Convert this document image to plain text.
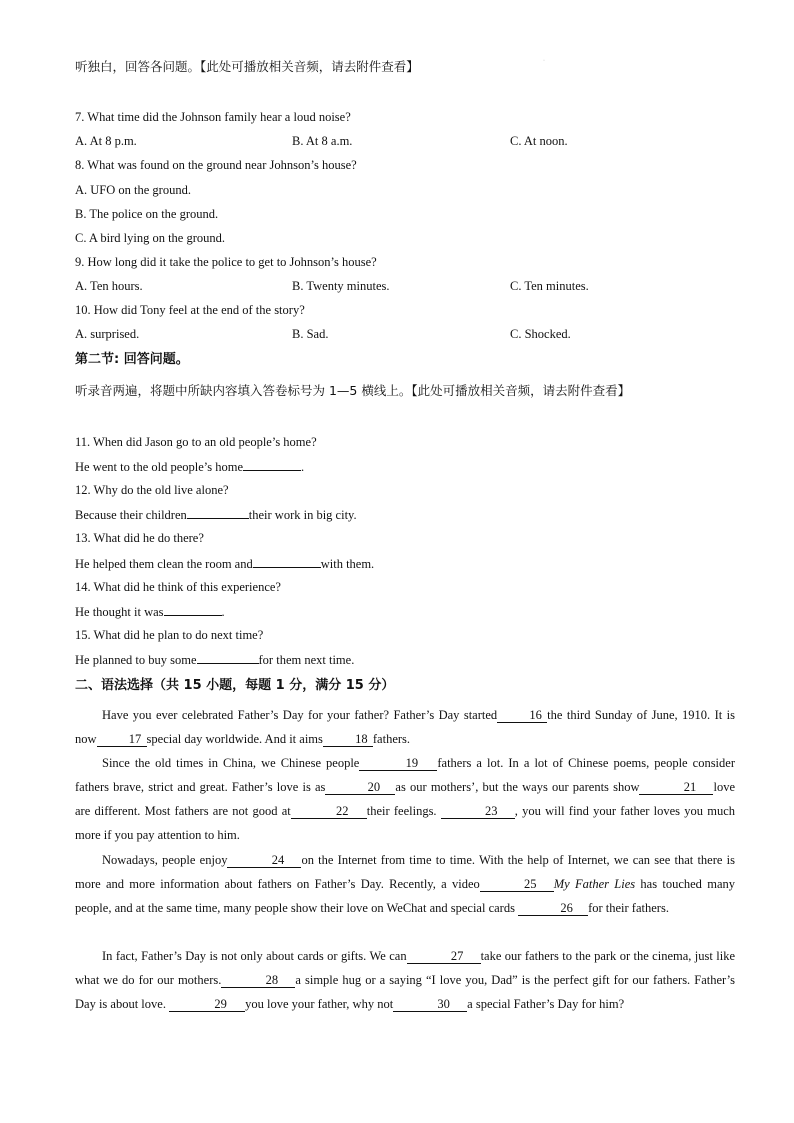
·
听独白，回答各问题。【此处可播放相关音频，请去附件查看】
7. What time did the Johnson family hear a loud noise?
A. At 8 p.m.	B. At 8 a.m.	C. At noon.
8. What was found on the ground near Johnson’s house?
A. UFO on the ground.
B. The police on the ground.
C. A bird lying on the ground.
9. How long did it take the police to get to Johnson’s house?
A. Ten hours.	B. Twenty minutes.	C. Ten minutes.
10. How did Tony feel at the end of the story?
A. surprised.	B. Sad.	C. Shocked.
第二节: 回答问题。
听录音两遍，将题中所缺内容填入答卷标号为 1—5 横线上。【此处可播放相关音频，请去附件查看】
11. When did Jason go to an old people’s home?
He went to the old people’s home	.
12. Why do the old live alone?
Because their children	their work in big city.
13. What did he do there?
He helped them clean the room and	with them.
14. What did he think of this experience?
He thought it was	.
15. What did he plan to do next time?
He planned to buy some	for them next time.
二、语法选择（共 15 小题，每题 1 分，满分 15 分）
Have you ever celebrated Father’s Day for your father? Father’s Day started	16 the third Sunday of June, 1910. It is now	17 special day worldwide. And it aims	18 fathers.
Since the old times in China, we Chinese people	19 fathers a lot. In a lot of Chinese poems, people consider fathers brave, strict and great. Father’s love is as	20 as our mothers’, but the ways our parents show	21 love are different. Most fathers are not good at	22 their feelings.	23 , you will find your father loves you much more if you pay attention to him.
Nowadays, people enjoy	24 on the Internet from time to time. With the help of Internet, we can see that there is more and more information about fathers on Father’s Day. Recently, a video	25 My Father Lies has touched many people, and at the same time, many people show their love on WeChat and special cards	26 for their fathers.
In fact, Father’s Day is not only about cards or gifts. We can	27 take our fathers to the park or the cinema, just like what we do for our mothers.	28 a simple hug or a saying “I love you, Dad” is the perfect gift for our fathers. Father’s Day is about love.	29 you love your father, why not	30 a special Father’s Day for him?
